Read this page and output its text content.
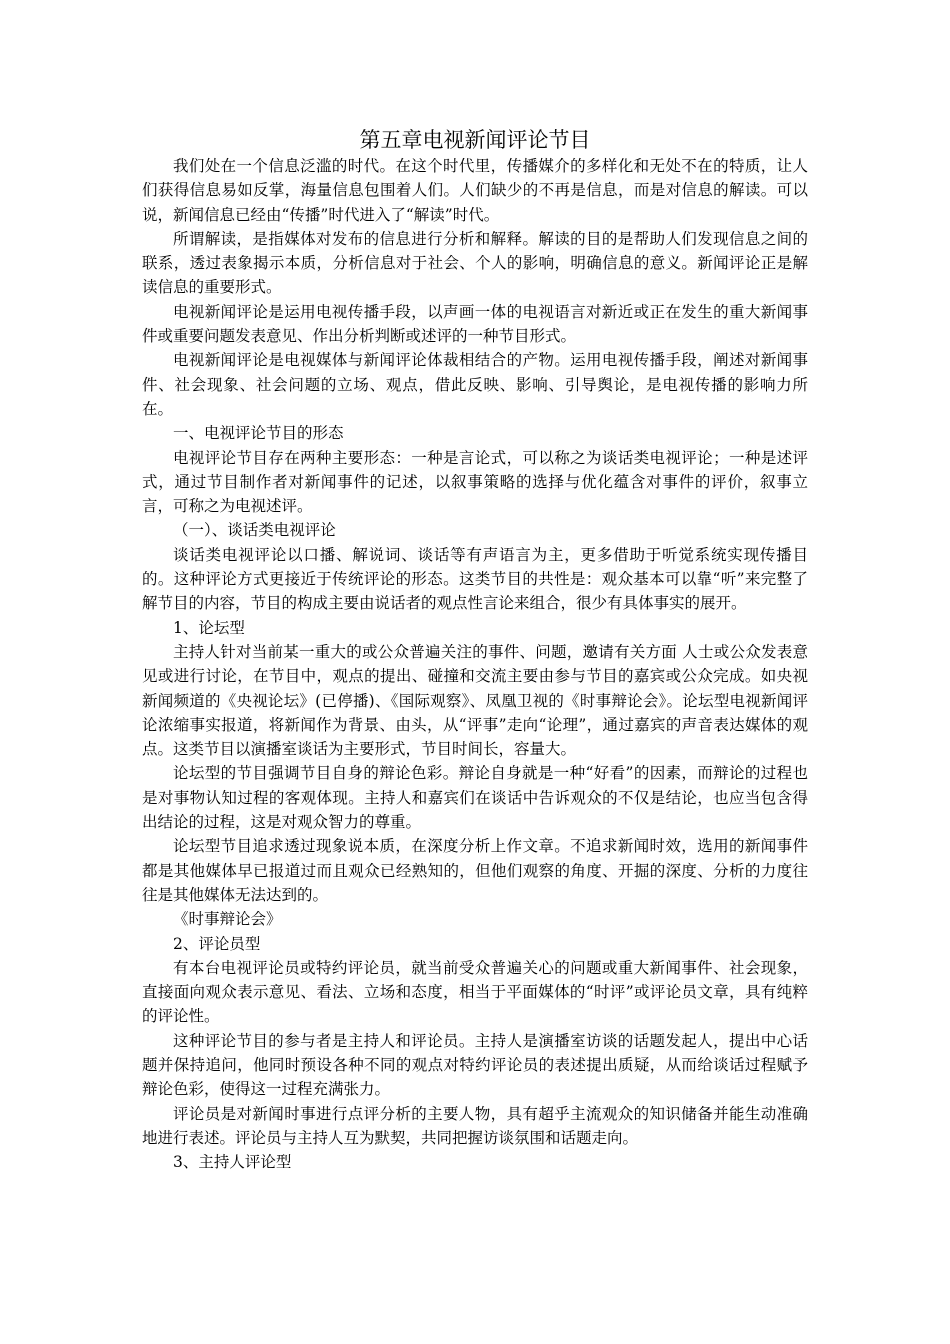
第五章电视新闻评论节目

我们处在一个信息泛滥的时代。在这个时代里，传播媒介的多样化和无处不在的特质，让人们获得信息易如反掌，海量信息包围着人们。人们缺少的不再是信息，而是对信息的解读。可以说，新闻信息已经由“传播”时代进入了“解读”时代。

所谓解读，是指媒体对发布的信息进行分析和解释。解读的目的是帮助人们发现信息之间的联系，透过表象揭示本质，分析信息对于社会、个人的影响，明确信息的意义。新闻评论正是解读信息的重要形式。

电视新闻评论是运用电视传播手段，以声画一体的电视语言对新近或正在发生的重大新闻事件或重要问题发表意见、作出分析判断或述评的一种节目形式。

电视新闻评论是电视媒体与新闻评论体裁相结合的产物。运用电视传播手段，阐述对新闻事件、社会现象、社会问题的立场、观点，借此反映、影响、引导舆论，是电视传播的影响力所在。

一、电视评论节目的形态

电视评论节目存在两种主要形态：一种是言论式，可以称之为谈话类电视评论；一种是述评式，通过节目制作者对新闻事件的记述，以叙事策略的选择与优化蕴含对事件的评价，叙事立言，可称之为电视述评。

（一）、谈话类电视评论

谈话类电视评论以口播、解说词、谈话等有声语言为主，更多借助于听觉系统实现传播目的。这种评论方式更接近于传统评论的形态。这类节目的共性是：观众基本可以靠“听”来完整了解节目的内容，节目的构成主要由说话者的观点性言论来组合，很少有具体事实的展开。

1、论坛型

主持人针对当前某一重大的或公众普遍关注的事件、问题，邀请有关方面 人士或公众发表意见或进行讨论，在节目中，观点的提出、碰撞和交流主要由参与节目的嘉宾或公众完成。如央视新闻频道的《央视论坛》(已停播)、《国际观察》、凤凰卫视的《时事辩论会》。论坛型电视新闻评论浓缩事实报道，将新闻作为背景、由头，从“评事”走向“论理”，通过嘉宾的声音表达媒体的观点。这类节目以演播室谈话为主要形式，节目时间长，容量大。

论坛型的节目强调节目自身的辩论色彩。辩论自身就是一种“好看”的因素，而辩论的过程也是对事物认知过程的客观体现。主持人和嘉宾们在谈话中告诉观众的不仅是结论，也应当包含得出结论的过程，这是对观众智力的尊重。

论坛型节目追求透过现象说本质，在深度分析上作文章。不追求新闻时效，选用的新闻事件都是其他媒体早已报道过而且观众已经熟知的，但他们观察的角度、开掘的深度、分析的力度往往是其他媒体无法达到的。

《时事辩论会》

2、评论员型

有本台电视评论员或特约评论员，就当前受众普遍关心的问题或重大新闻事件、社会现象，直接面向观众表示意见、看法、立场和态度，相当于平面媒体的“时评”或评论员文章，具有纯粹的评论性。

这种评论节目的参与者是主持人和评论员。主持人是演播室访谈的话题发起人，提出中心话题并保持追问，他同时预设各种不同的观点对特约评论员的表述提出质疑，从而给谈话过程赋予辩论色彩，使得这一过程充满张力。

评论员是对新闻时事进行点评分析的主要人物，具有超乎主流观众的知识储备并能生动准确地进行表述。评论员与主持人互为默契，共同把握访谈氛围和话题走向。

3、主持人评论型
